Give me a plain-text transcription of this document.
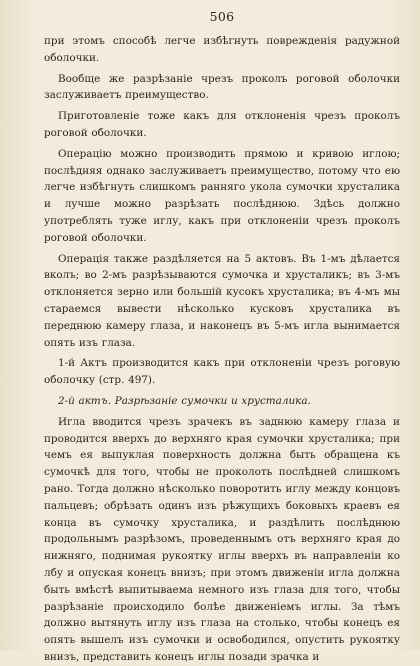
506

при этомъ способѣ легче избѣгнуть повреждeнія радужной оболочки.

Вообще же разрѣзаніе чрезъ проколъ роговой оболочки заслуживаетъ преимущество.

Приготовленіе тоже какъ для отклоненія чрезъ проколъ роговой оболочки.

Операцію можно производить прямою и кривою иглою; послѣдняя однако заслуживаетъ преимущество, потому что ею легче избѣгнуть слишкомъ ранняго укола сумочки хрусталика и лучше можно разрѣзать послѣднюю. Здѣсь должно употреблять туже иглу, какъ при отклоненіи чрезъ проколъ роговой оболочки.

Операція также раздѣляется на 5 актовъ. Въ 1-мъ дѣлается вколъ; во 2-мъ разрѣзываются сумочка и хрусталикъ; въ 3-мъ отклоняется зерно или большій кусокъ хрусталика; въ 4-мъ мы стараемся вывести нѣсколько кусковъ хрусталика въ переднюю камеру глаза, и наконецъ въ 5-мъ игла вынимается опять изъ глаза.

1-й Актъ производится какъ при отклоненіи чрезъ роговую оболочку (стр. 497).

2-й актъ. Разрѣзаніе сумочки и хрусталика.

Игла вводится чрезъ зрачекъ въ заднюю камеру глаза и проводится вверхъ до верхняго края сумочки хрусталика; при чемъ ея выпуклая поверхность должна быть обращена къ сумочкѣ для того, чтобы не проколоть послѣдней слишкомъ рано. Тогда должно нѣсколько поворотить иглу между концовъ пальцевъ; обрѣзать одинъ изъ рѣжущихъ боковыхъ краевъ ея конца въ сумочку хрусталика, и раздѣлить послѣднюю продольнымъ разрѣзомъ, проведеннымъ отъ верхняго края до нижняго, поднимая рукоятку иглы вверхъ въ направленіи ко лбу и опуская конецъ внизъ; при этомъ движеніи игла должна быть вмѣстѣ выпитываема немного изъ глаза для того, чтобы разрѣзаніе происходило болѣе движеніемъ иглы. За тѣмъ должно вытянуть иглу изъ глаза на столько, чтобы конецъ ея опять вышелъ изъ сумочки и освободился, опустить рукоятку внизъ, представить конецъ иглы позади зрачка и
